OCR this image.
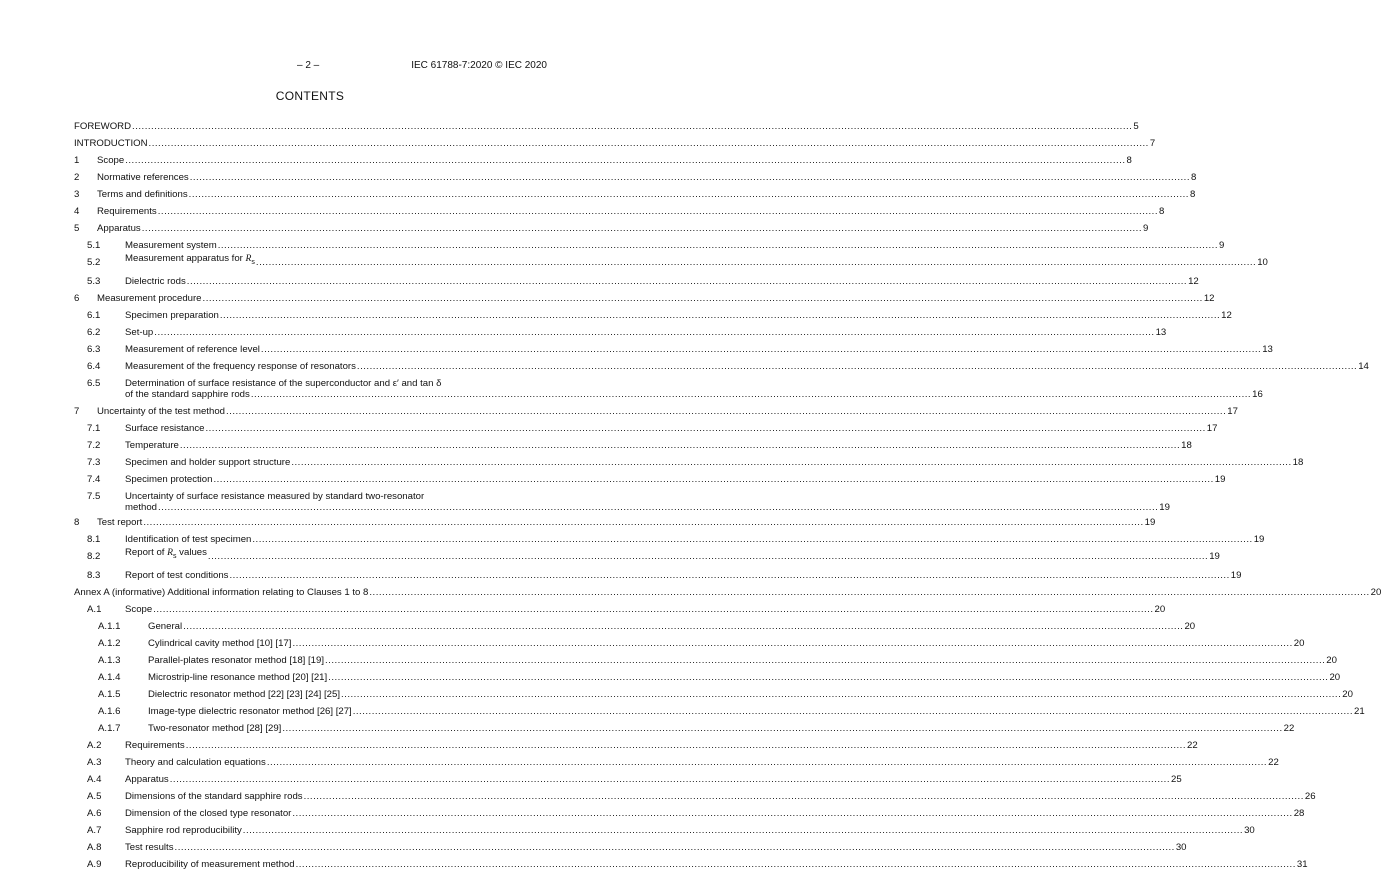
– 2 –	IEC 61788-7:2020 © IEC 2020
CONTENTS
FOREWORD .....	5
INTRODUCTION .....	7
1	Scope .....	8
2	Normative references .....	8
3	Terms and definitions .....	8
4	Requirements .....	8
5	Apparatus .....	9
5.1	Measurement system .....	9
5.2	Measurement apparatus for $R_s$ .....	10
5.3	Dielectric rods .....	12
6	Measurement procedure .....	12
6.1	Specimen preparation .....	12
6.2	Set-up .....	13
6.3	Measurement of reference level .....	13
6.4	Measurement of the frequency response of resonators .....	14
6.5	Determination of surface resistance of the superconductor and ε′ and tan δ
of the standard sapphire rods .....	16
7	Uncertainty of the test method .....	17
7.1	Surface resistance .....	17
7.2	Temperature .....	18
7.3	Specimen and holder support structure .....	18
7.4	Specimen protection .....	19
7.5	Uncertainty of surface resistance measured by standard two-resonator
method .....	19
8	Test report .....	19
8.1	Identification of test specimen .....	19
8.2	Report of $R_s$ values .....	19
8.3	Report of test conditions .....	19
Annex A (informative) Additional information relating to Clauses 1 to 8 .....	20
A.1	Scope .....	20
A.1.1	General .....	20
A.1.2	Cylindrical cavity method [10] [17] .....	20
A.1.3	Parallel-plates resonator method [18] [19] .....	20
A.1.4	Microstrip-line resonance method [20] [21] .....	20
A.1.5	Dielectric resonator method [22] [23] [24] [25] .....	20
A.1.6	Image-type dielectric resonator method [26] [27] .....	21
A.1.7	Two-resonator method [28] [29] .....	22
A.2	Requirements .....	22
A.3	Theory and calculation equations .....	22
A.4	Apparatus .....	25
A.5	Dimensions of the standard sapphire rods .....	26
A.6	Dimension of the closed type resonator .....	28
A.7	Sapphire rod reproducibility .....	30
A.8	Test results .....	30
A.9	Reproducibility of measurement method .....	31
